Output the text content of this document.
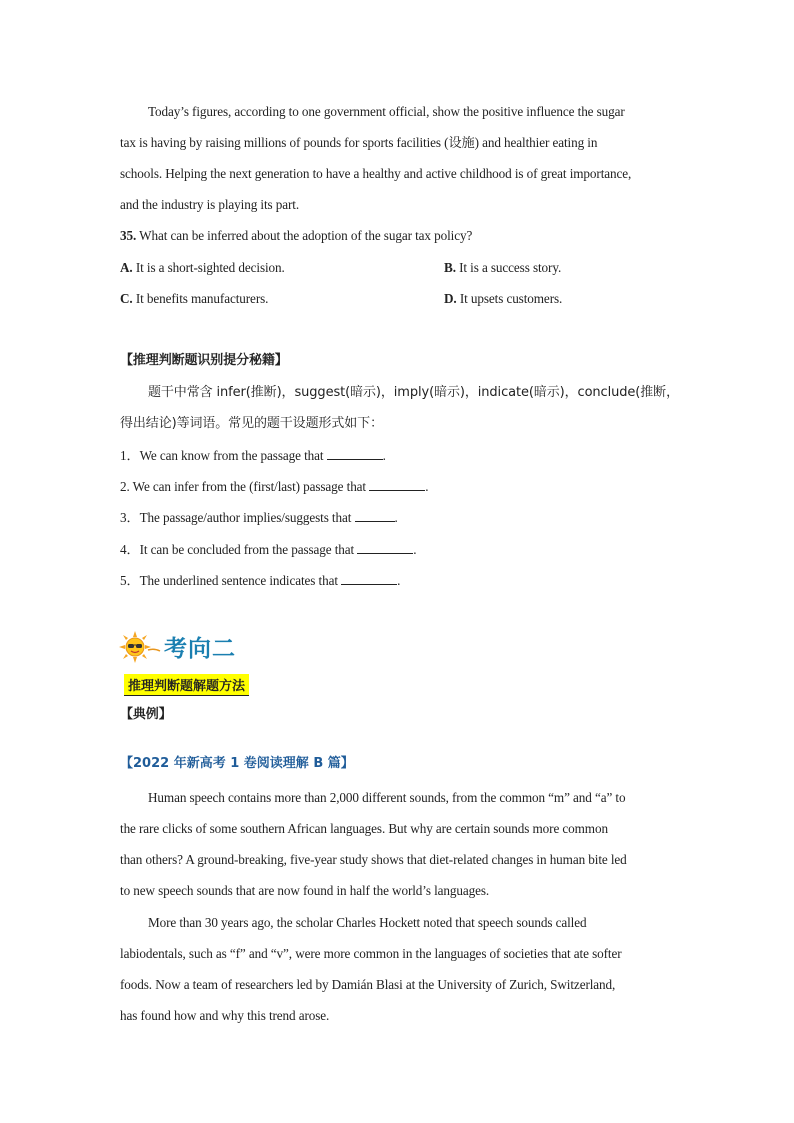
Today’s figures, according to one government official, show the positive influence the sugar
tax is having by raising millions of pounds for sports facilities (设施) and healthier eating in
schools. Helping the next generation to have a healthy and active childhood is of great importance,
and the industry is playing its part.
35. What can be inferred about the adoption of the sugar tax policy?
A. It is a short-sighted decision.	B. It is a success story.
C. It benefits manufacturers.	D. It upsets customers.
【推理判断题识别提分秘籍】
题干中常含 infer(推断)，suggest(暗示)，imply(暗示)，indicate(暗示)，conclude(推断，
得出结论)等词语。常见的题干设题形式如下：
1．We can know from the passage that	.
2. We can infer from the (first/last) passage that	.
3．The passage/author implies/suggests that	.
4．It can be concluded from the passage that	.
5．The underlined sentence indicates that	.
考向二
推理判断题解题方法
【典例】
【2022 年新高考 1 卷阅读理解 B 篇】
Human speech contains more than 2,000 different sounds, from the common “m” and “a” to
the rare clicks of some southern African languages. But why are certain sounds more common
than others? A ground-breaking, five-year study shows that diet-related changes in human bite led
to new speech sounds that are now found in half the world’s languages.
More than 30 years ago, the scholar Charles Hockett noted that speech sounds called
labiodentals, such as “f” and “v”, were more common in the languages of societies that ate softer
foods. Now a team of researchers led by Damián Blasi at the University of Zurich, Switzerland,
has found how and why this trend arose.
